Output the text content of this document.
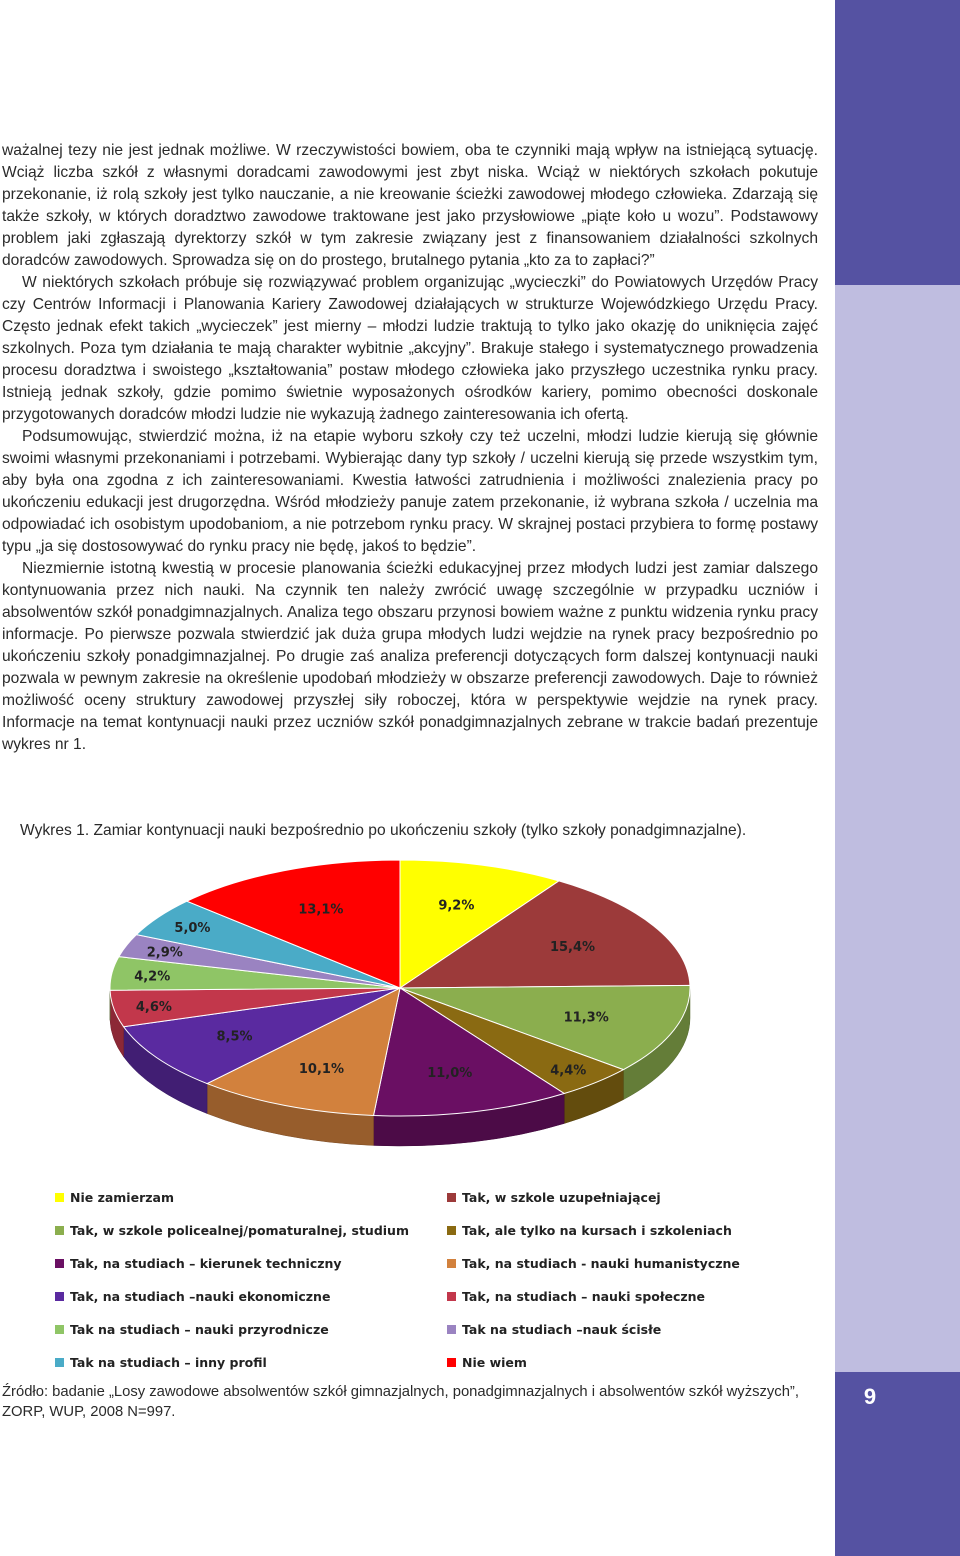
9

ważalnej tezy nie jest jednak możliwe. W rzeczywistości bowiem, oba te czynniki mają wpływ na istniejącą sytuację. Wciąż liczba szkół z własnymi doradcami zawodowymi jest zbyt niska. Wciąż w niektórych szkołach pokutuje przekonanie, iż rolą szkoły jest tylko nauczanie, a nie kreowanie ścieżki zawodowej młodego człowieka. Zdarzają się także szkoły, w których doradztwo zawodowe traktowane jest jako przysłowiowe „piąte koło u wozu”. Podstawowy problem jaki zgłaszają dyrektorzy szkół w tym zakresie związany jest z finansowaniem działalności szkolnych doradców zawodowych. Sprowadza się on do prostego, brutalnego pytania „kto za to zapłaci?”

W niektórych szkołach próbuje się rozwiązywać problem organizując „wycieczki” do Powiatowych Urzędów Pracy czy Centrów Informacji i Planowania Kariery Zawodowej działających w strukturze Wojewódzkiego Urzędu Pracy. Często jednak efekt takich „wycieczek” jest mierny – młodzi ludzie traktują to tylko jako okazję do uniknięcia zajęć szkolnych. Poza tym działania te mają charakter wybitnie „akcyjny”. Brakuje stałego i systematycznego prowadzenia procesu doradztwa i swoistego „kształtowania” postaw młodego człowieka jako przyszłego uczestnika rynku pracy. Istnieją jednak szkoły, gdzie pomimo świetnie wyposażonych ośrodków kariery, pomimo obecności doskonale przygotowanych doradców młodzi ludzie nie wykazują żadnego zainteresowania ich ofertą.

Podsumowując, stwierdzić można, iż na etapie wyboru szkoły czy też uczelni, młodzi ludzie kierują się głównie swoimi własnymi przekonaniami i potrzebami. Wybierając dany typ szkoły / uczelni kierują się przede wszystkim tym, aby była ona zgodna z ich zainteresowaniami. Kwestia łatwości zatrudnienia i możliwości znalezienia pracy po ukończeniu edukacji jest drugorzędna. Wśród młodzieży panuje zatem przekonanie, iż wybrana szkoła / uczelnia ma odpowiadać ich osobistym upodobaniom, a nie potrzebom rynku pracy. W skrajnej postaci przybiera to formę postawy typu „ja się dostosowywać do rynku pracy nie będę, jakoś to będzie”.

Niezmiernie istotną kwestią w procesie planowania ścieżki edukacyjnej przez młodych ludzi jest zamiar dalszego kontynuowania przez nich nauki. Na czynnik ten należy zwrócić uwagę szczególnie w przypadku uczniów i absolwentów szkół ponadgimnazjalnych. Analiza tego obszaru przynosi bowiem ważne z punktu widzenia rynku pracy informacje. Po pierwsze pozwala stwierdzić jak duża grupa młodych ludzi wejdzie na rynek pracy bezpośrednio po ukończeniu szkoły ponadgimnazjalnej. Po drugie zaś analiza preferencji dotyczących form dalszej kontynuacji nauki pozwala w pewnym zakresie na określenie upodobań młodzieży w obszarze preferencji zawodowych. Daje to również możliwość oceny struktury zawodowej przyszłej siły roboczej, która w perspektywie wejdzie na rynek pracy. Informacje na temat kontynuacji nauki przez uczniów szkół ponadgimnazjalnych zebrane w trakcie badań prezentuje wykres nr 1.

Wykres 1. Zamiar kontynuacji nauki bezpośrednio po ukończeniu szkoły (tylko szkoły ponadgimnazjalne).
9,2%
15,4%
11,3%
4,4%
11,0%
10,1%
8,5%
4,6%
4,2%
2,9%
5,0%
13,1%
Nie zamierzam	Tak, w szkole uzupełniającej
Tak, w szkole policealnej/pomaturalnej, studium	Tak, ale tylko na kursach i szkoleniach
Tak, na studiach – kierunek techniczny	Tak, na studiach - nauki humanistyczne
Tak, na studiach –nauki ekonomiczne	Tak, na studiach – nauki społeczne
Tak na studiach – nauki przyrodnicze	Tak na studiach –nauk ścisłe
Tak na studiach – inny profil	Nie wiem
Źródło: badanie „Losy zawodowe absolwentów szkół gimnazjalnych, ponadgimnazjalnych i absolwentów szkół wyższych”, ZORP, WUP, 2008 N=997.
